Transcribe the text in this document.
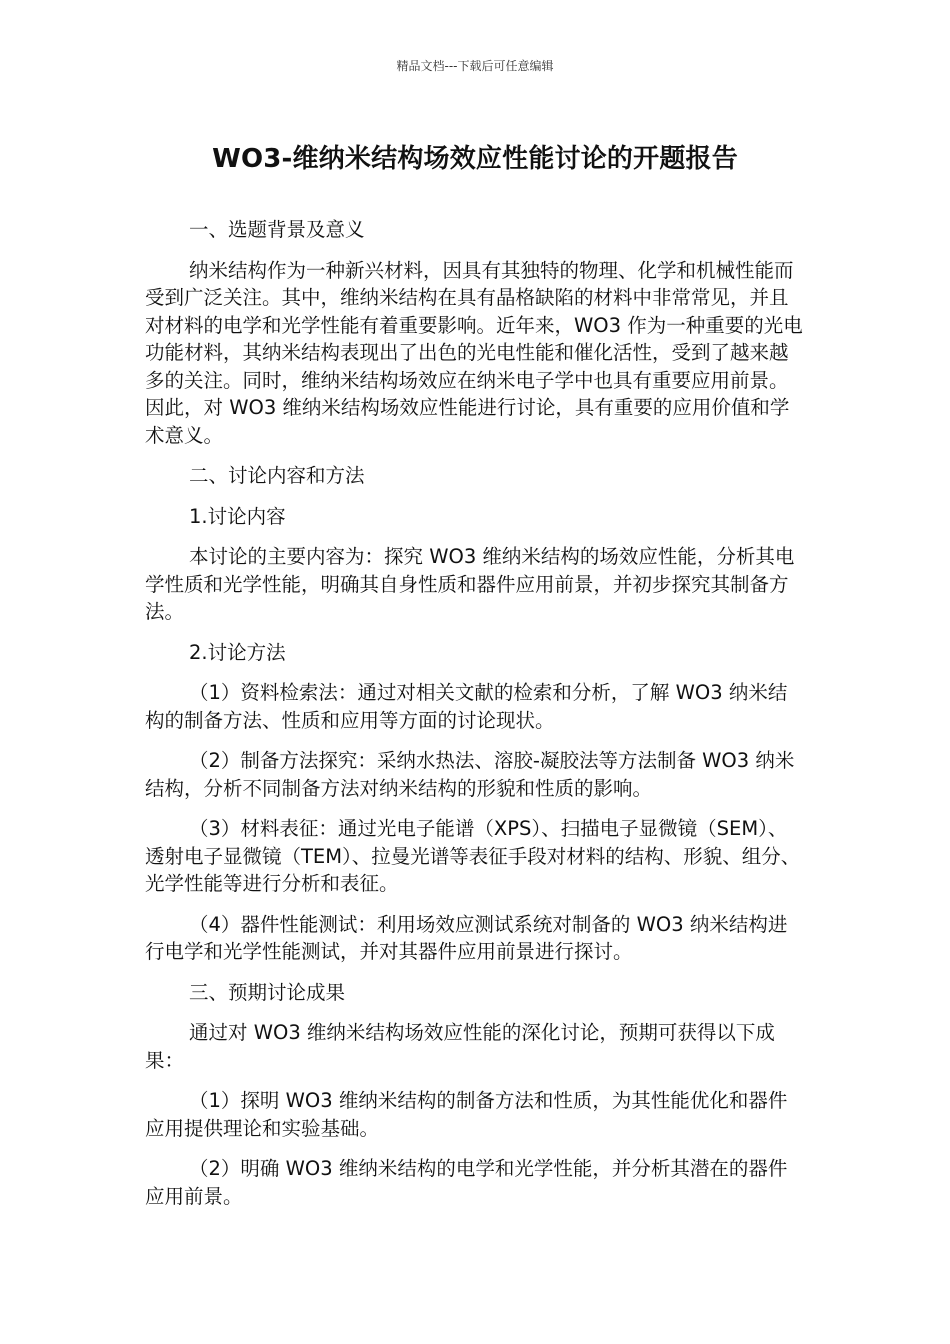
精品文档---下载后可任意编辑
WO3-维纳米结构场效应性能讨论的开题报告

一、选题背景及意义

纳米结构作为一种新兴材料，因具有其独特的物理、化学和机械性能而受到广泛关注。其中，维纳米结构在具有晶格缺陷的材料中非常常见，并且对材料的电学和光学性能有着重要影响。近年来，WO3 作为一种重要的光电功能材料，其纳米结构表现出了出色的光电性能和催化活性，受到了越来越多的关注。同时，维纳米结构场效应在纳米电子学中也具有重要应用前景。因此，对 WO3 维纳米结构场效应性能进行讨论，具有重要的应用价值和学术意义。

二、讨论内容和方法

1.讨论内容

本讨论的主要内容为：探究 WO3 维纳米结构的场效应性能，分析其电学性质和光学性能，明确其自身性质和器件应用前景，并初步探究其制备方法。

2.讨论方法

（1）资料检索法：通过对相关文献的检索和分析，了解 WO3 纳米结构的制备方法、性质和应用等方面的讨论现状。

（2）制备方法探究：采纳水热法、溶胶-凝胶法等方法制备 WO3 纳米结构，分析不同制备方法对纳米结构的形貌和性质的影响。

（3）材料表征：通过光电子能谱（XPS）、扫描电子显微镜（SEM）、透射电子显微镜（TEM）、拉曼光谱等表征手段对材料的结构、形貌、组分、光学性能等进行分析和表征。

（4）器件性能测试：利用场效应测试系统对制备的 WO3 纳米结构进行电学和光学性能测试，并对其器件应用前景进行探讨。

三、预期讨论成果

通过对 WO3 维纳米结构场效应性能的深化讨论，预期可获得以下成果：

（1）探明 WO3 维纳米结构的制备方法和性质，为其性能优化和器件应用提供理论和实验基础。

（2）明确 WO3 维纳米结构的电学和光学性能，并分析其潜在的器件应用前景。
